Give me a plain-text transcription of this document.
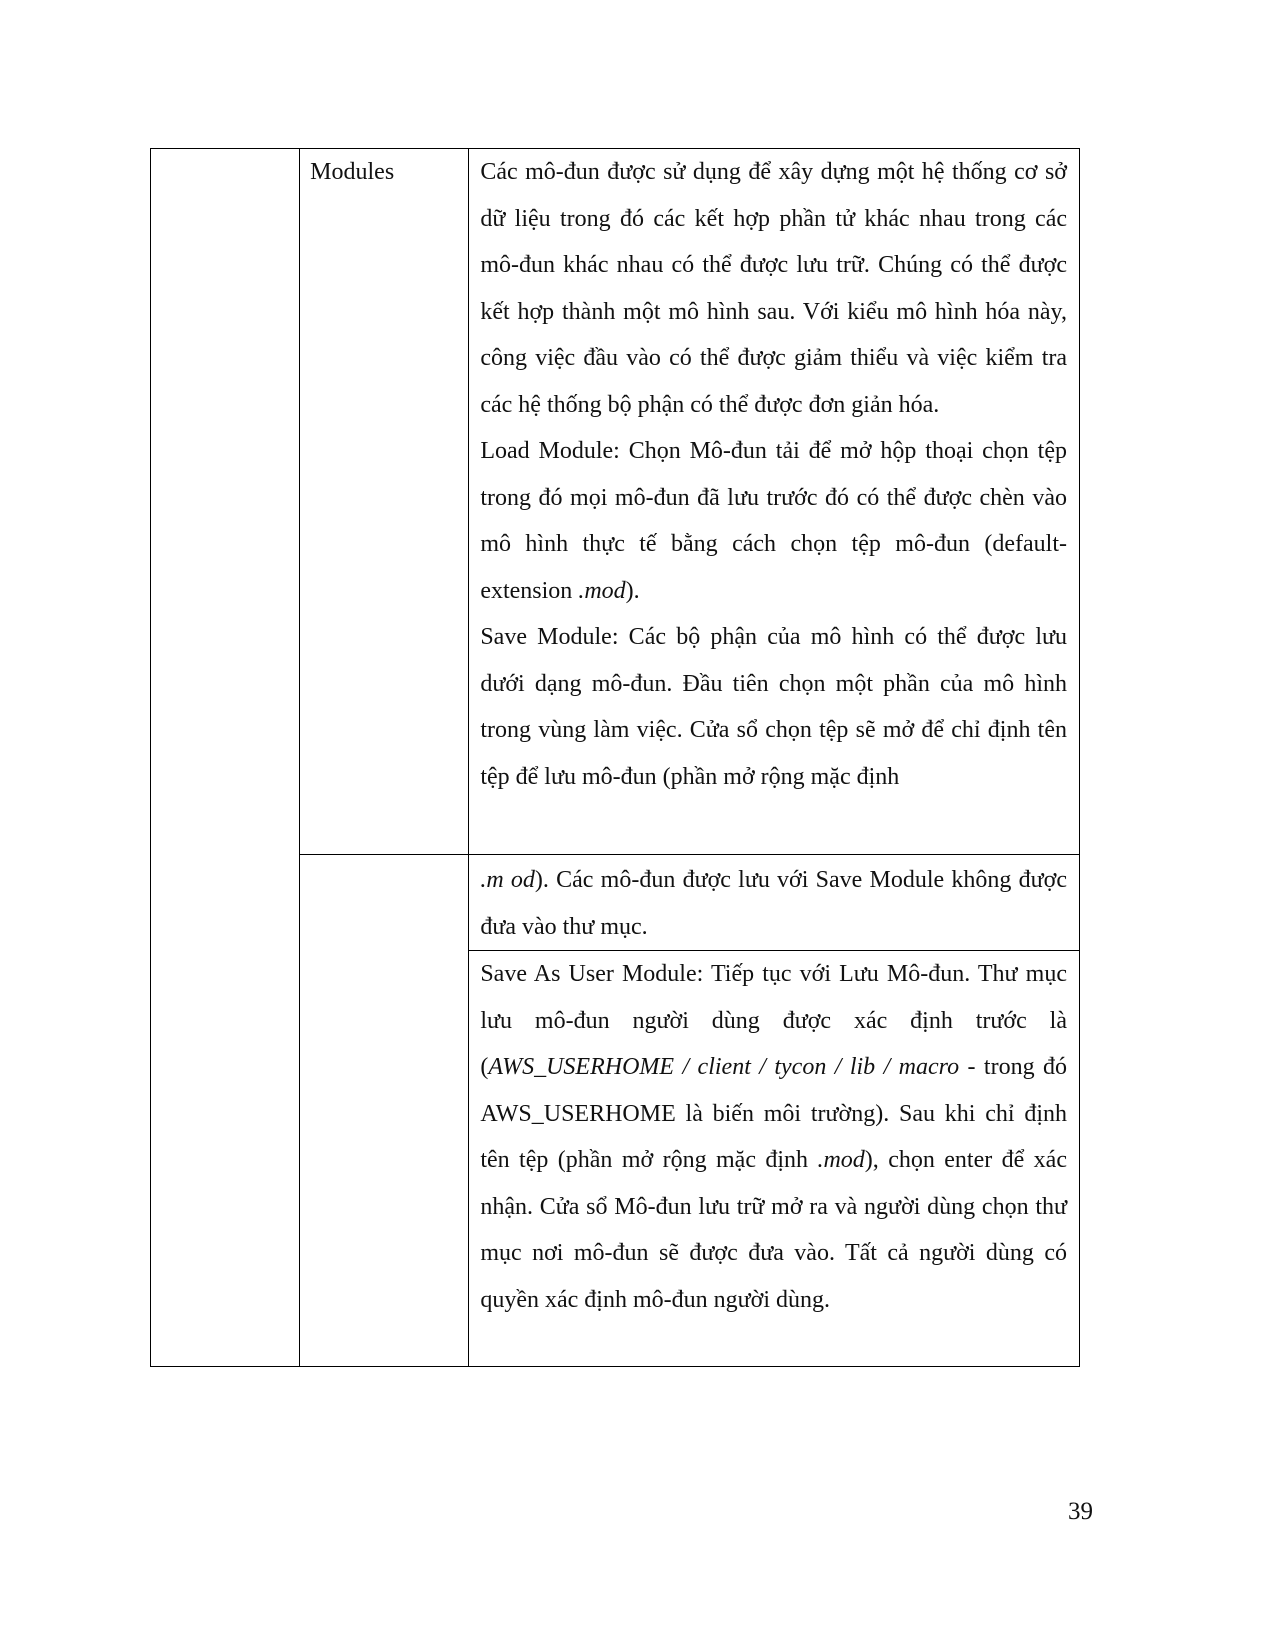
	Modules	Các mô-đun được sử dụng để xây dựng một hệ thống cơ sở dữ liệu trong đó các kết hợp phần tử khác nhau trong các mô-đun khác nhau có thể được lưu trữ. Chúng có thể được kết hợp thành một mô hình sau. Với kiểu mô hình hóa này, công việc đầu vào có thể được giảm thiểu và việc kiểm tra các hệ thống bộ phận có thể được đơn giản hóa.

Load Module: Chọn Mô-đun tải để mở hộp thoại chọn tệp trong đó mọi mô-đun đã lưu trước đó có thể được chèn vào mô hình thực tế bằng cách chọn tệp mô-đun (default-extension .mod).

Save Module: Các bộ phận của mô hình có thể được lưu dưới dạng mô-đun. Đầu tiên chọn một phần của mô hình trong vùng làm việc. Cửa sổ chọn tệp sẽ mở để chỉ định tên tệp để lưu mô-đun (phần mở rộng mặc định

		.m od). Các mô-đun được lưu với Save Module không được đưa vào thư mục.

		Save As User Module: Tiếp tục với Lưu Mô-đun. Thư mục lưu mô-đun người dùng được xác định trước là (AWS_USERHOME / client / tycon / lib / macro - trong đó AWS_USERHOME là biến môi trường). Sau khi chỉ định tên tệp (phần mở rộng mặc định .mod), chọn enter để xác nhận. Cửa sổ Mô-đun lưu trữ mở ra và người dùng chọn thư mục nơi mô-đun sẽ được đưa vào. Tất cả người dùng có quyền xác định mô-đun người dùng.

39
